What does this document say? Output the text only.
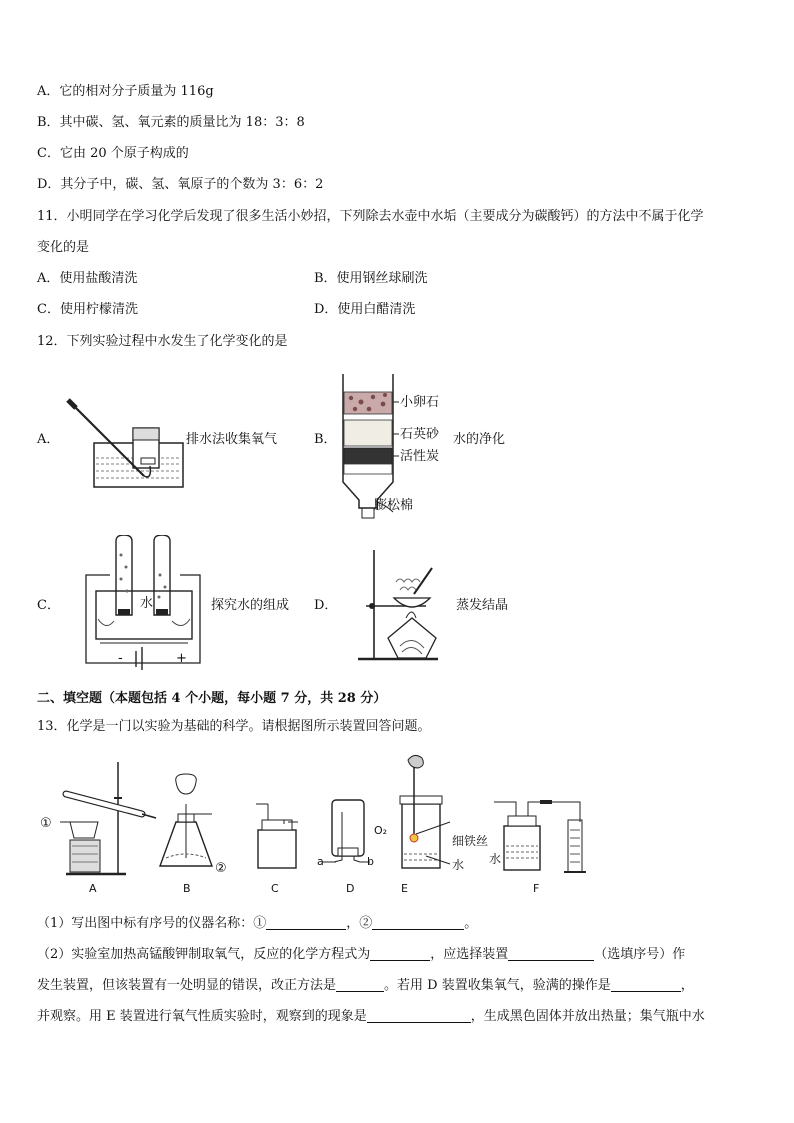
A．它的相对分子质量为 116g
B．其中碳、氢、氧元素的质量比为 18：3：8
C．它由 20 个原子构成的
D．其分子中，碳、氢、氧原子的个数为 3：6：2
11．小明同学在学习化学后发现了很多生活小妙招，下列除去水壶中水垢（主要成分为碳酸钙）的方法中不属于化学
变化的是
A．使用盐酸清洗	B．使用钢丝球刷洗
C．使用柠檬清洗	D．使用白醋清洗
12．下列实验过程中水发生了化学变化的是
A．	排水法收集氧气	B．
小卵石
石英砂
活性炭
膨松棉
水的净化
C．	水
-	+
探究水的组成 D．	蒸发结晶
二、填空题（本题包括 4 个小题，每小题 7 分，共 28 分）
13．化学是一门以实验为基础的科学。请根据图所示装置回答问题。
①
②	a	b
O₂
细铁丝
水 水
A	B	C	D	E	F
（1）写出图中标有序号的仪器名称：①	，②	。
（2）实验室加热高锰酸钾制取氧气，反应的化学方程式为	，应选择装置	（选填序号）作
发生装置，但该装置有一处明显的错误，改正方法是	。若用 D 装置收集氧气，验满的操作是	，
并观察。用 E 装置进行氧气性质实验时，观察到的现象是	，生成黑色固体并放出热量；集气瓶中水
